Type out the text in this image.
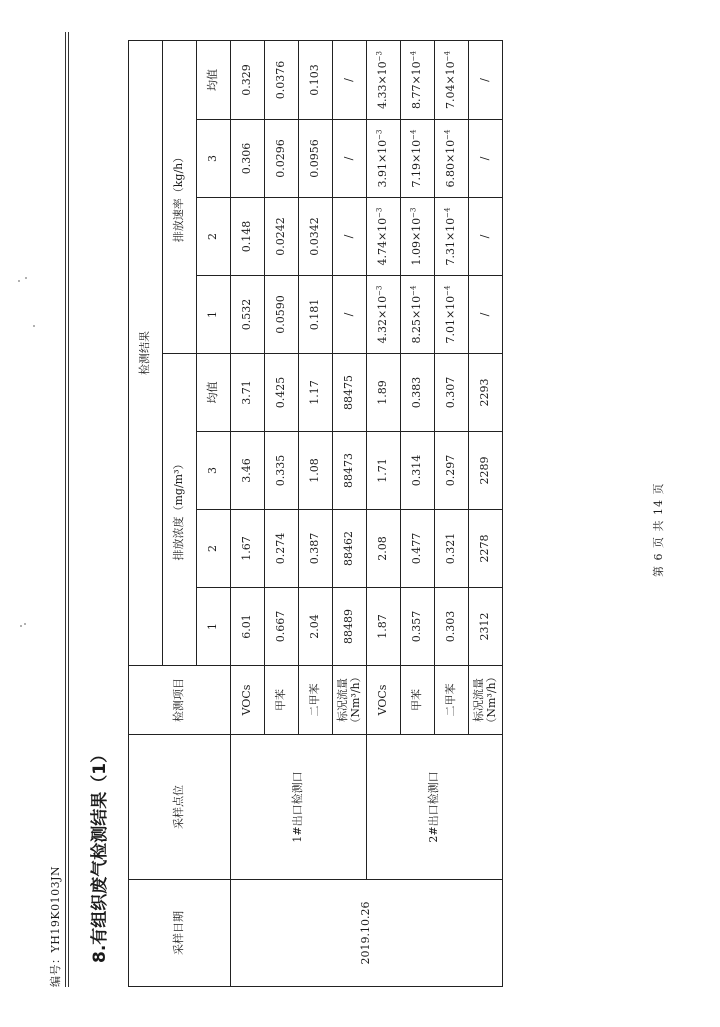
编号：YH19K0103JN 8.有组织废气检测结果（1）	采样日期	采样点位	检测项目	检测结果							
			排放浓度（mg/m³）				排放速率（kg/h）			
			1	2	3	均值	1	2	3	均值
2019.10.26	1#出口检测口	VOCs	6.01	1.67	3.46	3.71	0.532	0.148	0.306	0.329
		甲苯	0.667	0.274	0.335	0.425	0.0590	0.0242	0.0296	0.0376
		二甲苯	2.04	0.387	1.08	1.17	0.181	0.0342	0.0956	0.103
		标况流量（Nm³/h）	88489	88462	88473	88475	/	/	/	/
	2#出口检测口	VOCs	1.87	2.08	1.71	1.89	$4.32\times 10^{-3}$	$4.74\times 10^{-3}$	$3.91\times 10^{-3}$	$4.33\times 10^{-3}$
		甲苯	0.357	0.477	0.314	0.383	$8.25\times 10^{-4}$	$1.09\times 10^{-3}$	$7.19\times 10^{-4}$	$8.77\times 10^{-4}$
		二甲苯	0.303	0.321	0.297	0.307	$7.01\times 10^{-4}$	$7.31\times 10^{-4}$	$6.80\times 10^{-4}$	$7.04\times 10^{-4}$
		标况流量（Nm³/h）	2312	2278	2289	2293	/	/	/	/
第 6 页 共 14 页
